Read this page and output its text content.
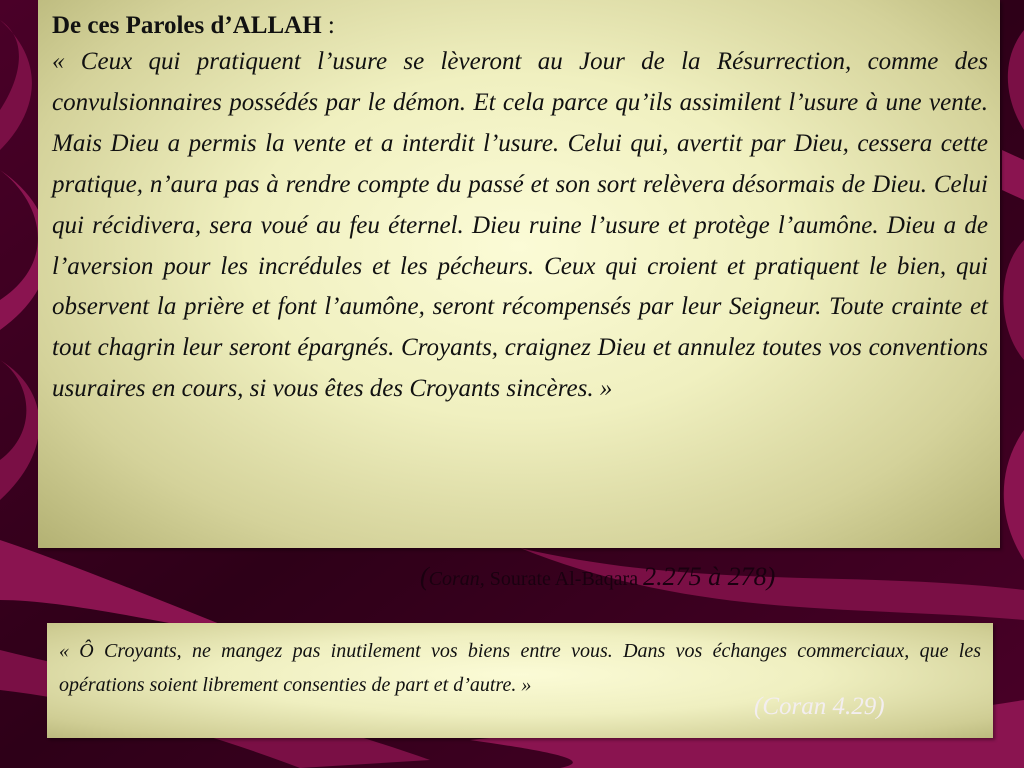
De ces Paroles d’ALLAH :

« Ceux qui pratiquent l’usure se lèveront au Jour de la Résurrection, comme des convulsionnaires possédés par le démon. Et cela parce qu’ils assimilent l’usure à une vente. Mais Dieu a permis la vente et a interdit l’usure. Celui qui, avertit par Dieu, cessera cette pratique, n’aura pas à rendre compte du passé et son sort relèvera désormais de Dieu. Celui qui récidivera, sera voué au feu éternel. Dieu ruine l’usure et protège l’aumône. Dieu a de l’aversion pour les incrédules et les pécheurs. Ceux qui croient et pratiquent le bien, qui observent la prière et font l’aumône, seront récompensés par leur Seigneur. Toute crainte et tout chagrin leur seront épargnés. Croyants, craignez Dieu et annulez toutes vos conventions usuraires en cours, si vous êtes des Croyants sincères. »

(Coran, Sourate Al-Baqara 2.275 à 278)

« Ô Croyants, ne mangez pas inutilement vos biens entre vous. Dans vos échanges commerciaux, que les opérations soient librement consenties de part et d’autre. »

(Coran 4.29)
